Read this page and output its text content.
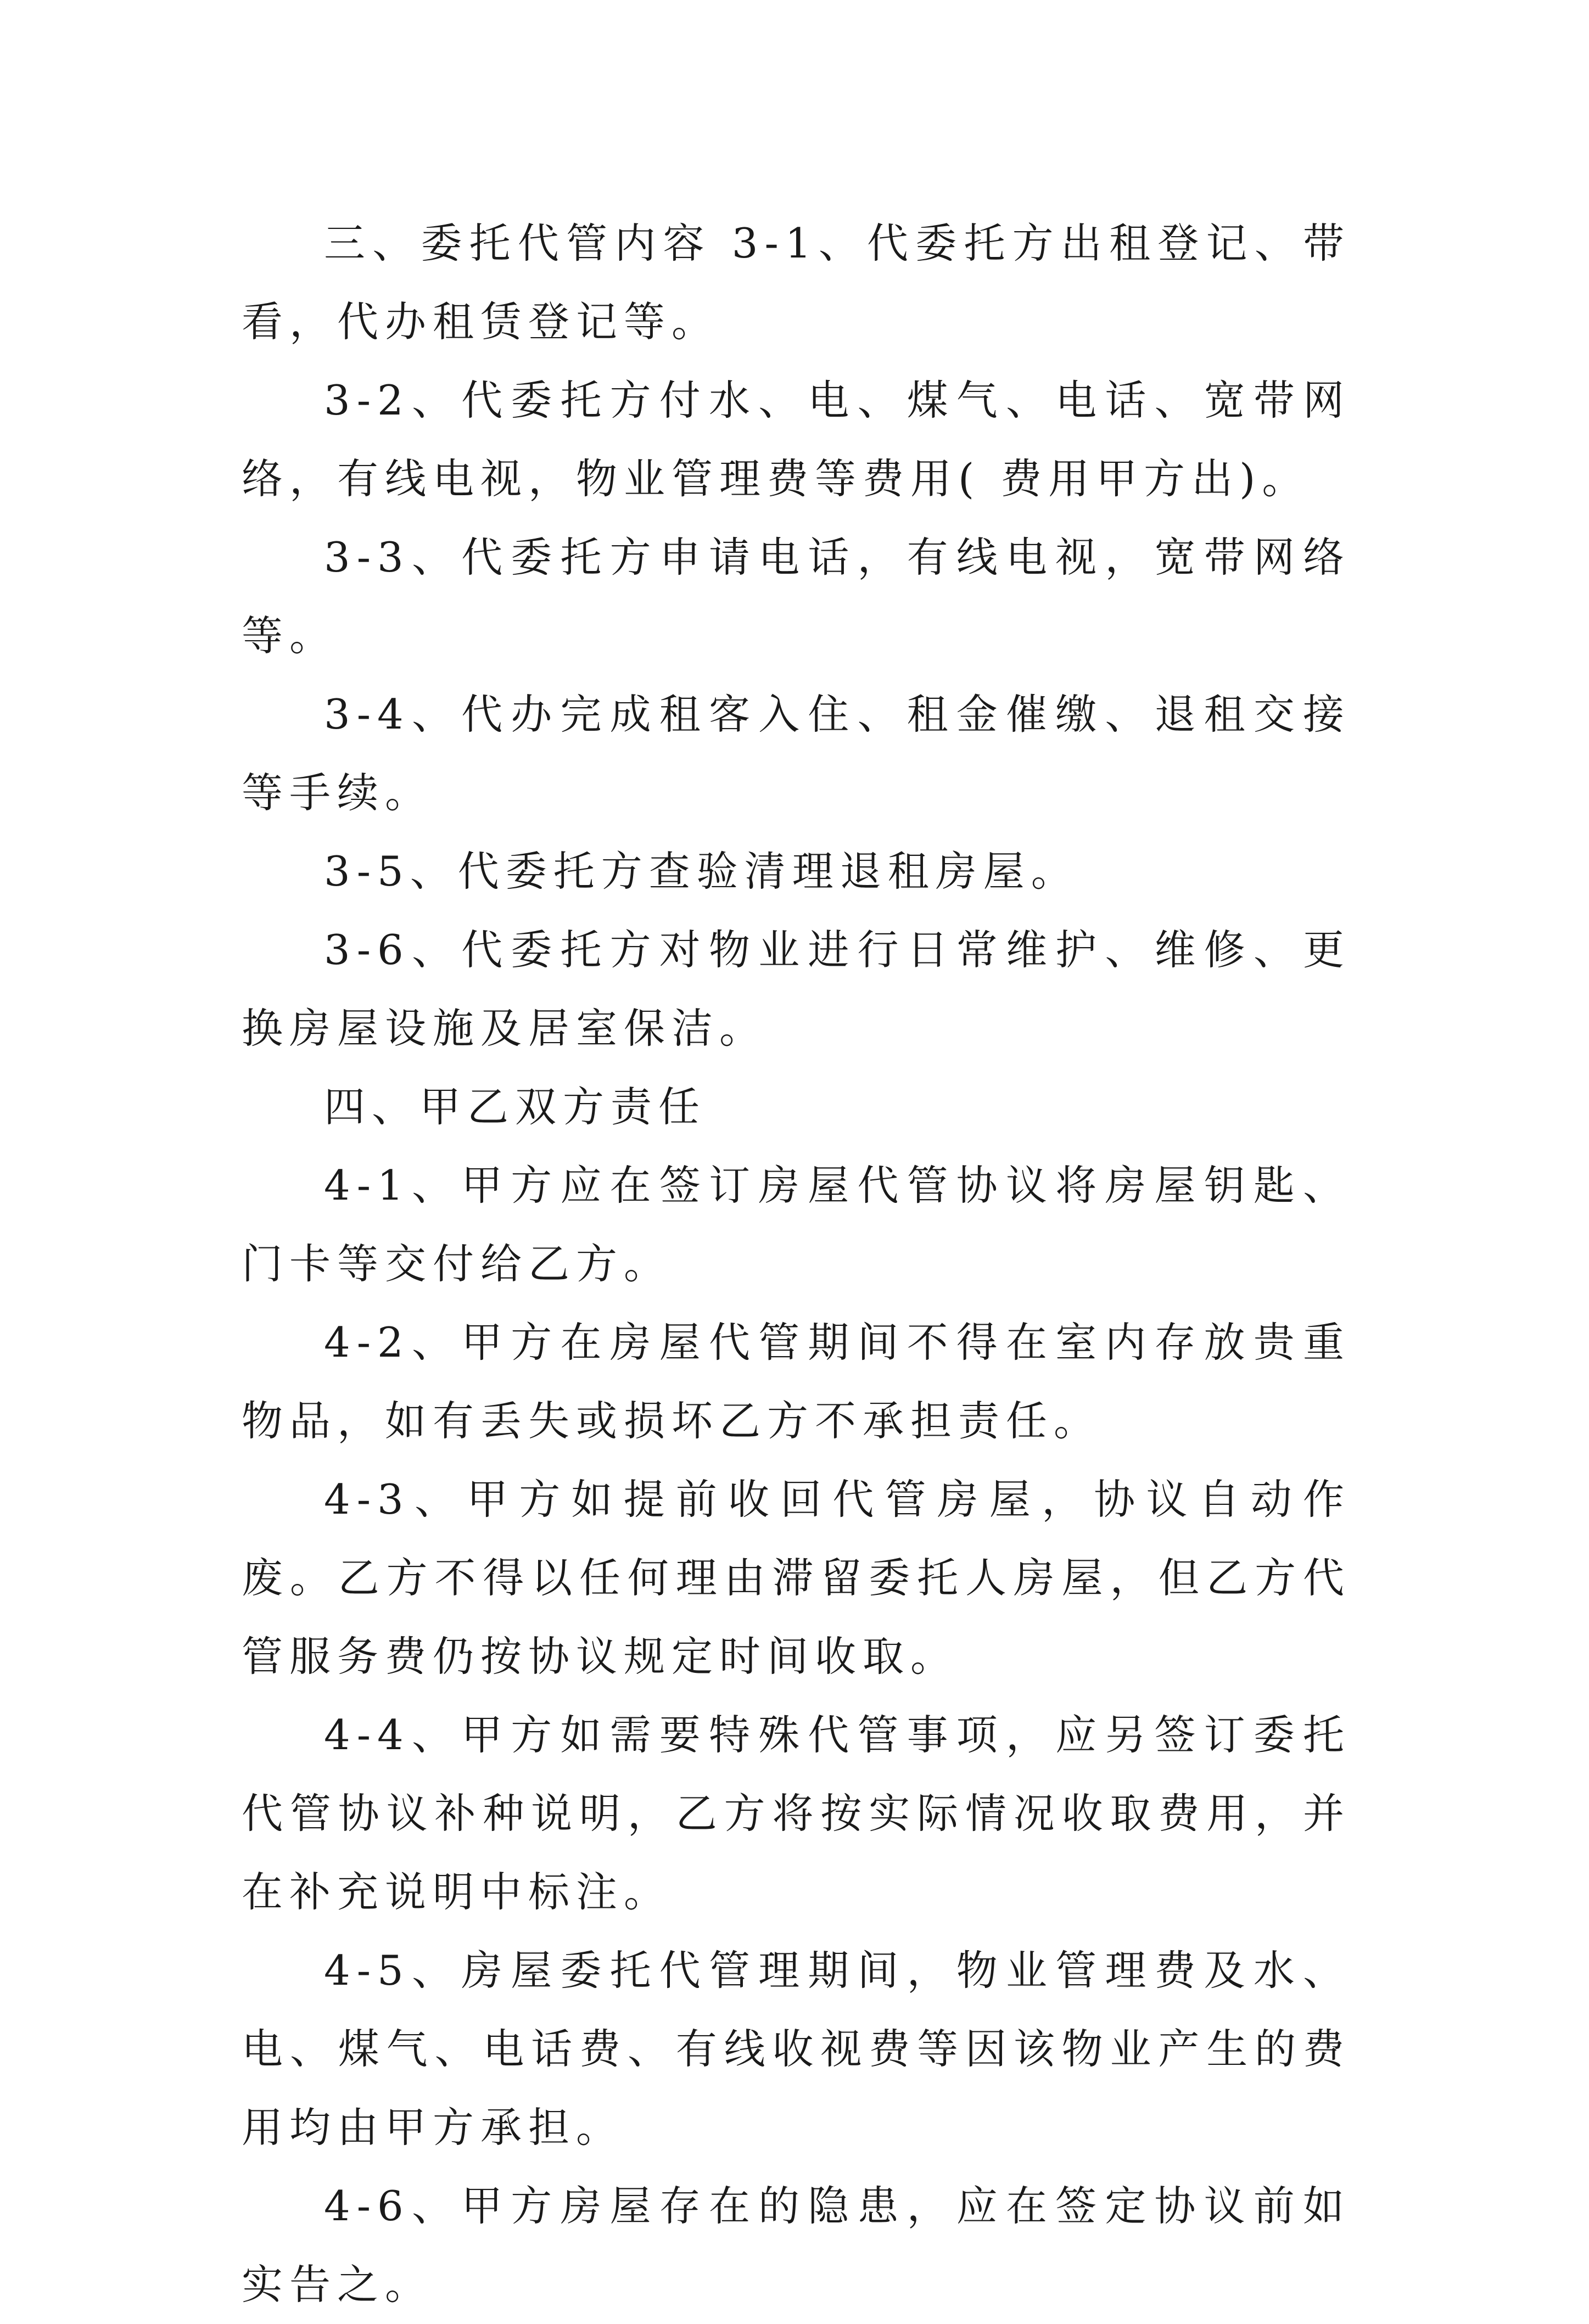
三、委托代管内容 3-1、代委托方出租登记、带看，代办租赁登记等。

3-2、代委托方付水、电、煤气、电话、宽带网络，有线电视，物业管理费等费用( 费用甲方出)。

3-3、代委托方申请电话，有线电视，宽带网络等。

3-4、代办完成租客入住、租金催缴、退租交接等手续。

3-5、代委托方查验清理退租房屋。

3-6、代委托方对物业进行日常维护、维修、更换房屋设施及居室保洁。

四、甲乙双方责任

4-1、甲方应在签订房屋代管协议将房屋钥匙、门卡等交付给乙方。

4-2、甲方在房屋代管期间不得在室内存放贵重物品，如有丢失或损坏乙方不承担责任。

4-3、甲方如提前收回代管房屋，协议自动作废。乙方不得以任何理由滞留委托人房屋，但乙方代管服务费仍按协议规定时间收取。

4-4、甲方如需要特殊代管事项，应另签订委托代管协议补种说明，乙方将按实际情况收取费用，并在补充说明中标注。

4-5、房屋委托代管理期间，物业管理费及水、电、煤气、电话费、有线收视费等因该物业产生的费用均由甲方承担。

4-6、甲方房屋存在的隐患，应在签定协议前如实告之。
